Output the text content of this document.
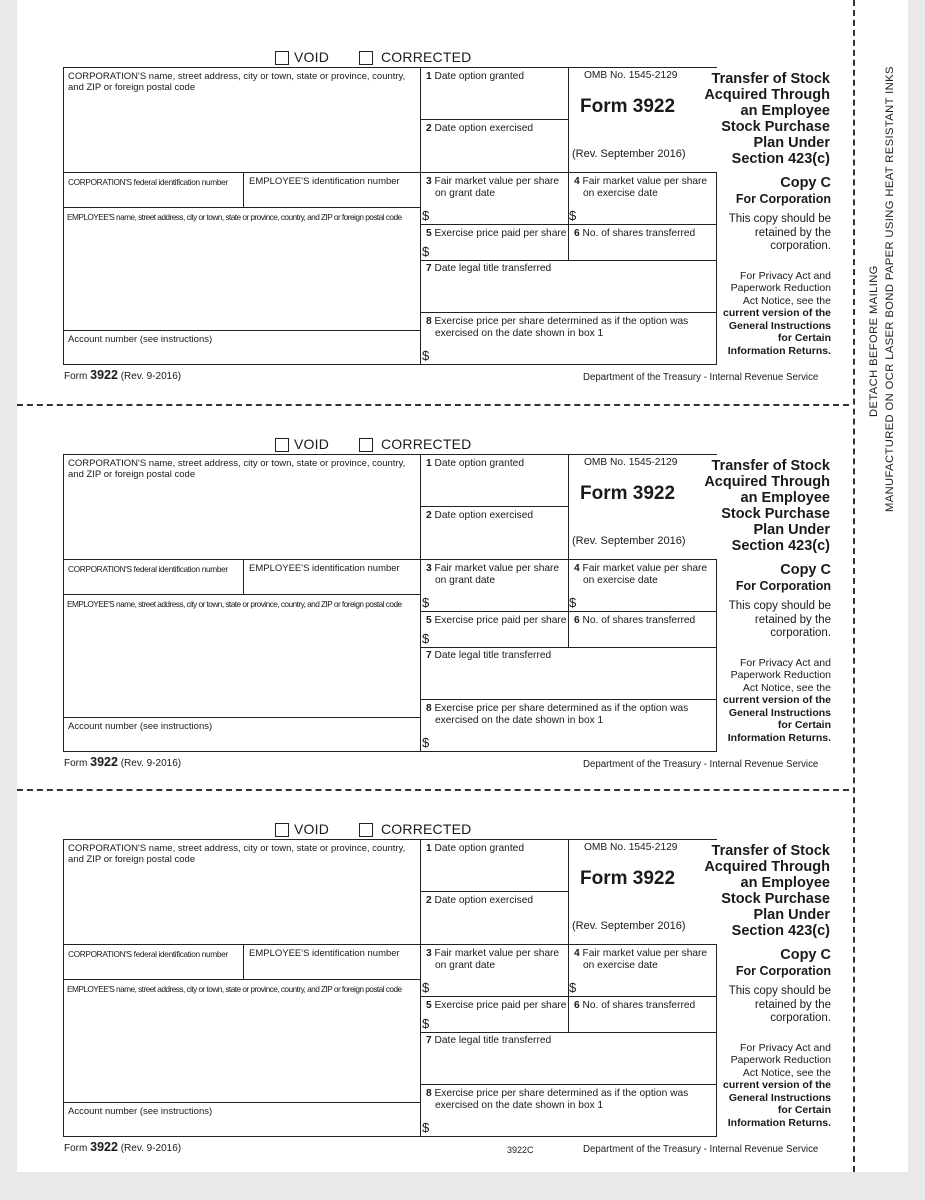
VOID	CORRECTED
CORPORATION'S name, street address, city or town, state or province, country, and ZIP or foreign postal code
CORPORATION'S federal identification number EMPLOYEE'S identification number
EMPLOYEE'S name, street address, city or town, state or province, country, and ZIP or foreign postal code
Account number (see instructions)
1 Date option granted
2 Date option exercised
OMB No. 1545-2129
Form 3922
(Rev. September 2016)
Transfer of Stock
Acquired Through
an Employee
Stock Purchase
Plan Under
Section 423(c)
3 Fair market value per share
on grant date
$
4 Fair market value per share
on exercise date
$
5 Exercise price paid per share
$
6 No. of shares transferred
7 Date legal title transferred
8 Exercise price per share determined as if the option was
exercised on the date shown in box 1
$
Copy C
For Corporation
This copy should be
retained by the
corporation.
For Privacy Act and
Paperwork Reduction
Act Notice, see the
current version of the
General Instructions
for Certain
Information Returns.
Form 3922 (Rev. 9-2016)	Department of the Treasury - Internal Revenue Service
VOID	CORRECTED
CORPORATION'S name, street address, city or town, state or province, country, and ZIP or foreign postal code
CORPORATION'S federal identification number EMPLOYEE'S identification number
EMPLOYEE'S name, street address, city or town, state or province, country, and ZIP or foreign postal code
Account number (see instructions)
1 Date option granted
2 Date option exercised
OMB No. 1545-2129
Form 3922
(Rev. September 2016)
Transfer of Stock
Acquired Through
an Employee
Stock Purchase
Plan Under
Section 423(c)
3 Fair market value per share
on grant date
$
4 Fair market value per share
on exercise date
$
5 Exercise price paid per share
$
6 No. of shares transferred
7 Date legal title transferred
8 Exercise price per share determined as if the option was
exercised on the date shown in box 1
$
Copy C
For Corporation
This copy should be
retained by the
corporation.
For Privacy Act and
Paperwork Reduction
Act Notice, see the
current version of the
General Instructions
for Certain
Information Returns.
Form 3922 (Rev. 9-2016)	Department of the Treasury - Internal Revenue Service
VOID	CORRECTED
CORPORATION'S name, street address, city or town, state or province, country, and ZIP or foreign postal code
CORPORATION'S federal identification number EMPLOYEE'S identification number
EMPLOYEE'S name, street address, city or town, state or province, country, and ZIP or foreign postal code
Account number (see instructions)
1 Date option granted
2 Date option exercised
OMB No. 1545-2129
Form 3922
(Rev. September 2016)
Transfer of Stock
Acquired Through
an Employee
Stock Purchase
Plan Under
Section 423(c)
3 Fair market value per share
on grant date
$
4 Fair market value per share
on exercise date
$
5 Exercise price paid per share
$
6 No. of shares transferred
7 Date legal title transferred
8 Exercise price per share determined as if the option was
exercised on the date shown in box 1
$
Copy C
For Corporation
This copy should be
retained by the
corporation.
For Privacy Act and
Paperwork Reduction
Act Notice, see the
current version of the
General Instructions
for Certain
Information Returns.
Form 3922 (Rev. 9-2016)	Department of the Treasury - Internal Revenue Service
3922C
DETACH BEFORE MAILING MANUFACTURED ON OCR LASER BOND PAPER USING HEAT RESISTANT INKS
